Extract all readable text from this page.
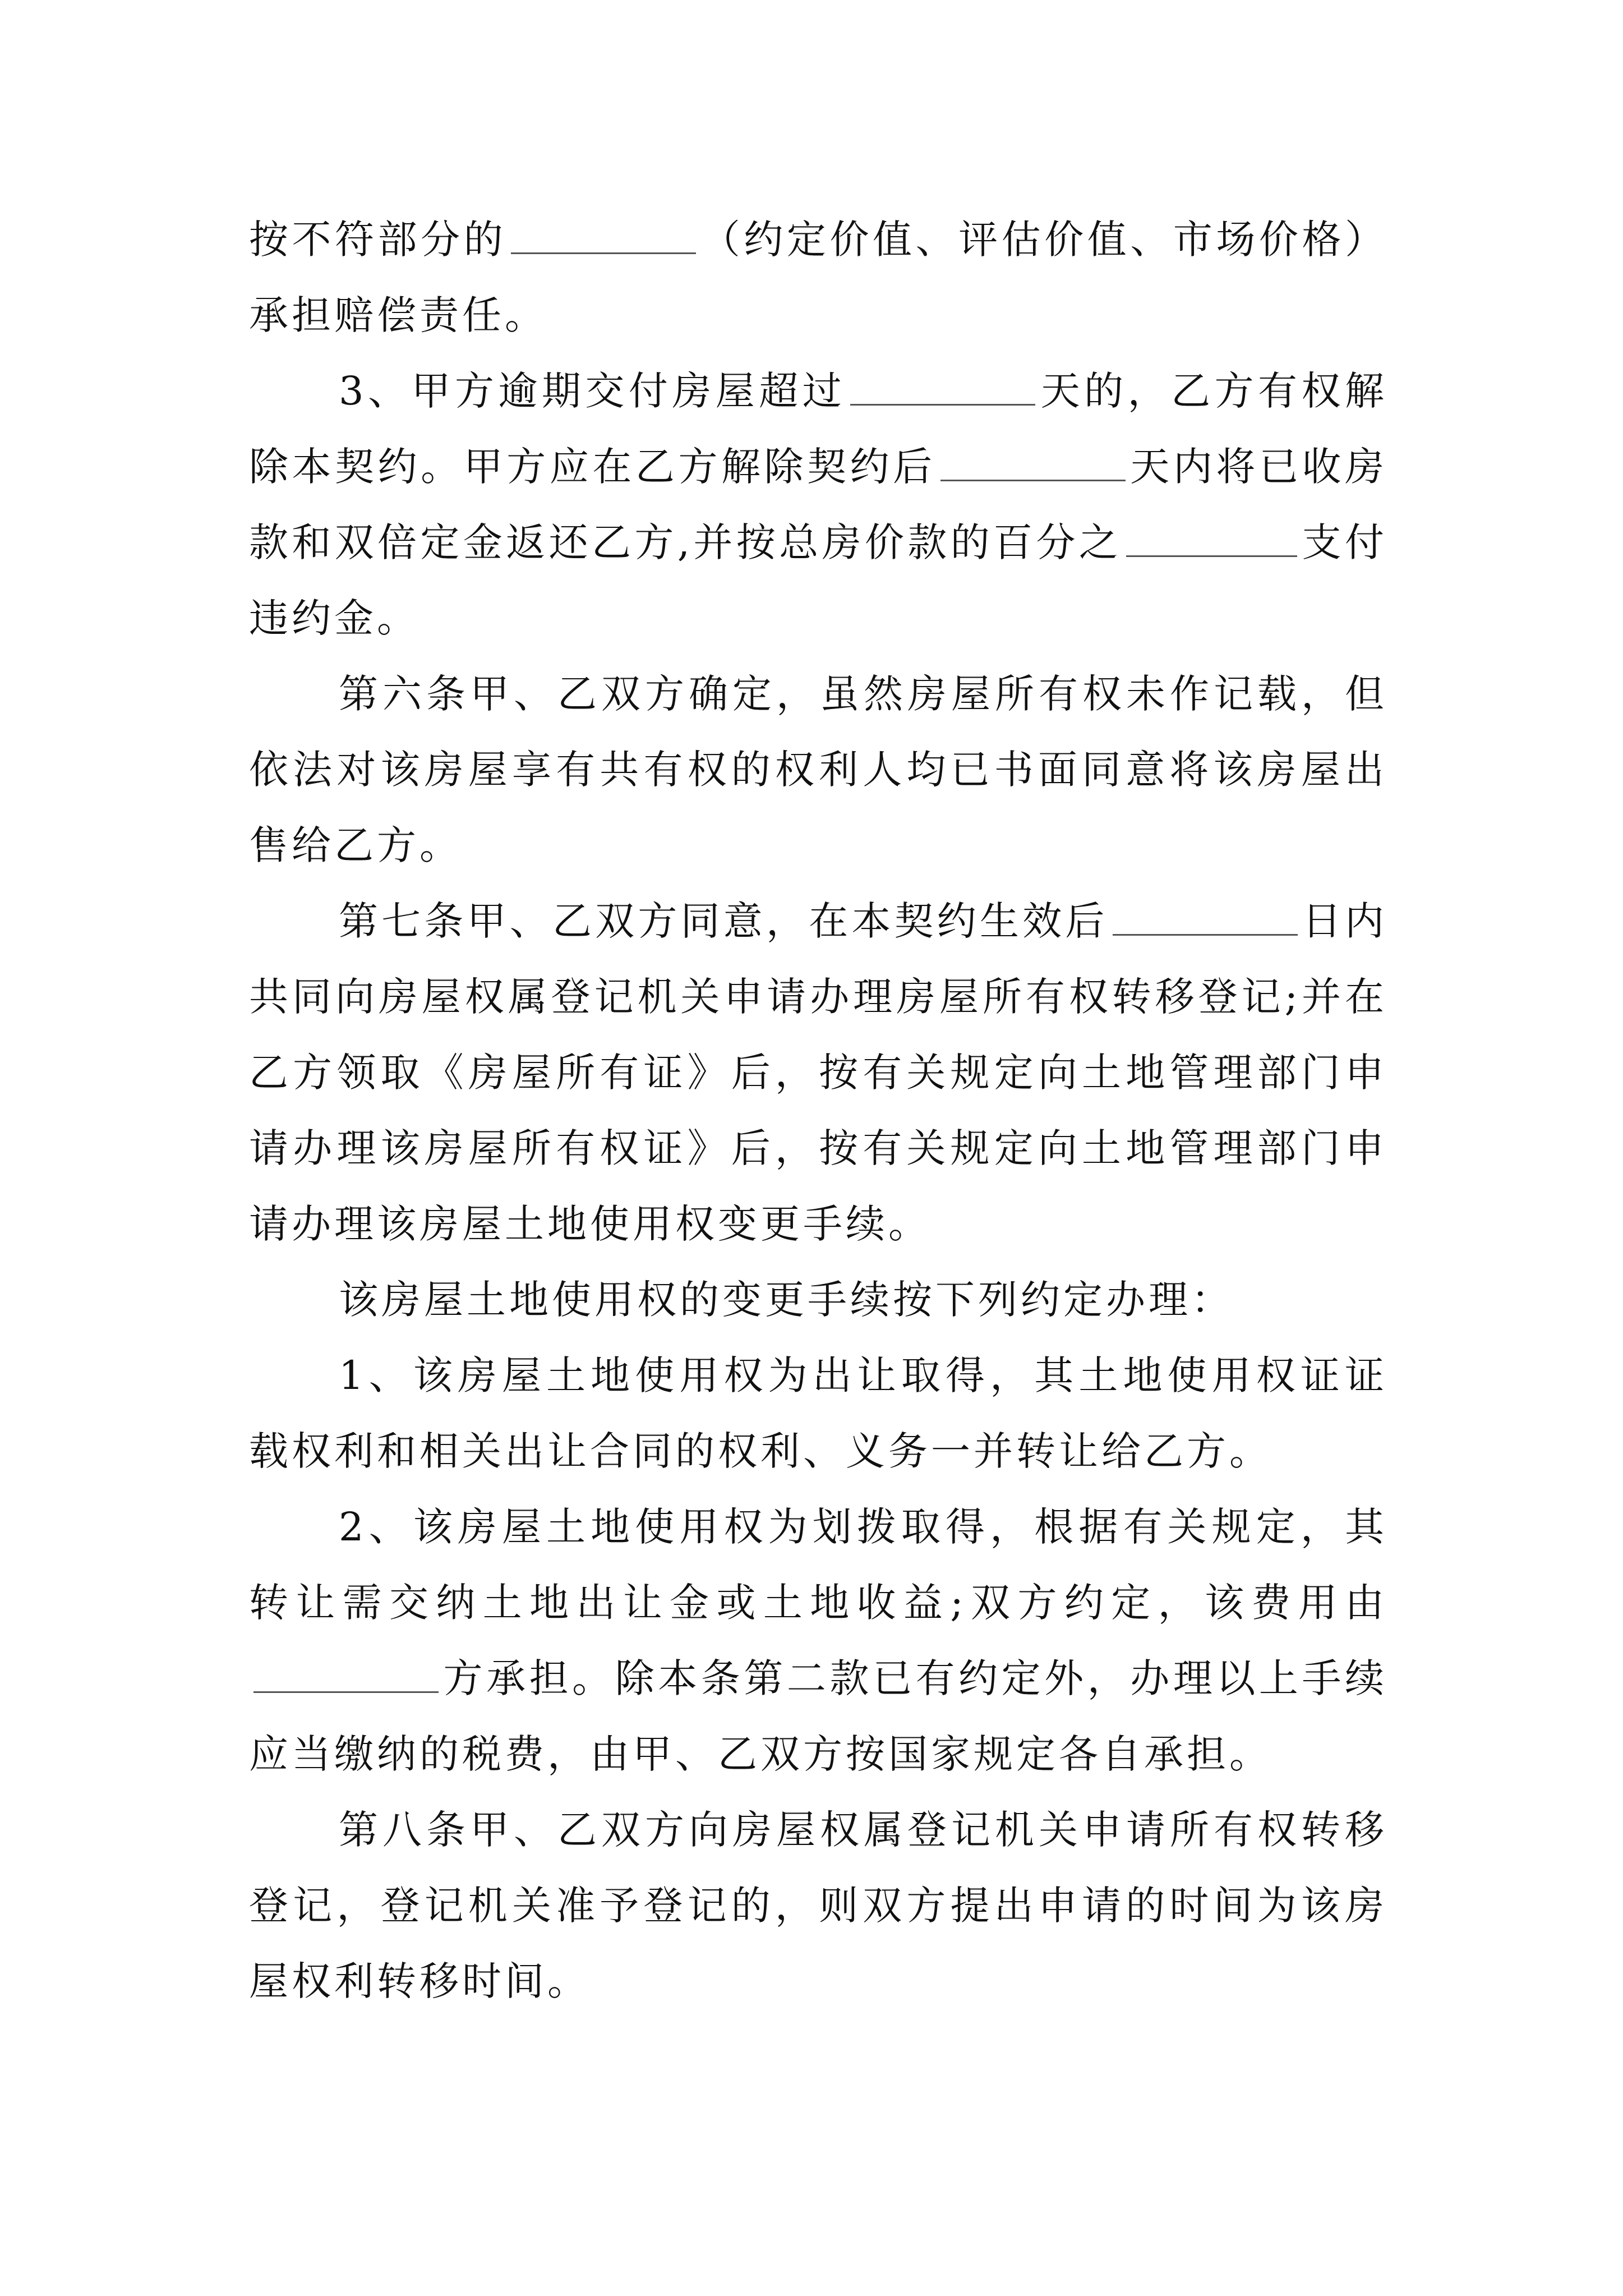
按不符部分的	（约定价值、评估价值、市场价格）承担赔偿责任。

3、甲方逾期交付房屋超过	天的，乙方有权解除本契约。甲方应在乙方解除契约后	天内将已收房款和双倍定金返还乙方,并按总房价款的百分之	支付违约金。

第六条甲、乙双方确定，虽然房屋所有权未作记载，但依法对该房屋享有共有权的权利人均已书面同意将该房屋出售给乙方。

第七条甲、乙双方同意，在本契约生效后	日内共同向房屋权属登记机关申请办理房屋所有权转移登记;并在乙方领取《房屋所有证》后，按有关规定向土地管理部门申请办理该房屋所有权证》后，按有关规定向土地管理部门申请办理该房屋土地使用权变更手续。

该房屋土地使用权的变更手续按下列约定办理：

1、该房屋土地使用权为出让取得，其土地使用权证证载权利和相关出让合同的权利、义务一并转让给乙方。

2、该房屋土地使用权为划拨取得，根据有关规定，其转让需交纳土地出让金或土地收益;双方约定，该费用由方承担。除本条第二款已有约定外，办理以上手续应当缴纳的税费，由甲、乙双方按国家规定各自承担。

第八条甲、乙双方向房屋权属登记机关申请所有权转移登记，登记机关准予登记的，则双方提出申请的时间为该房屋权利转移时间。
